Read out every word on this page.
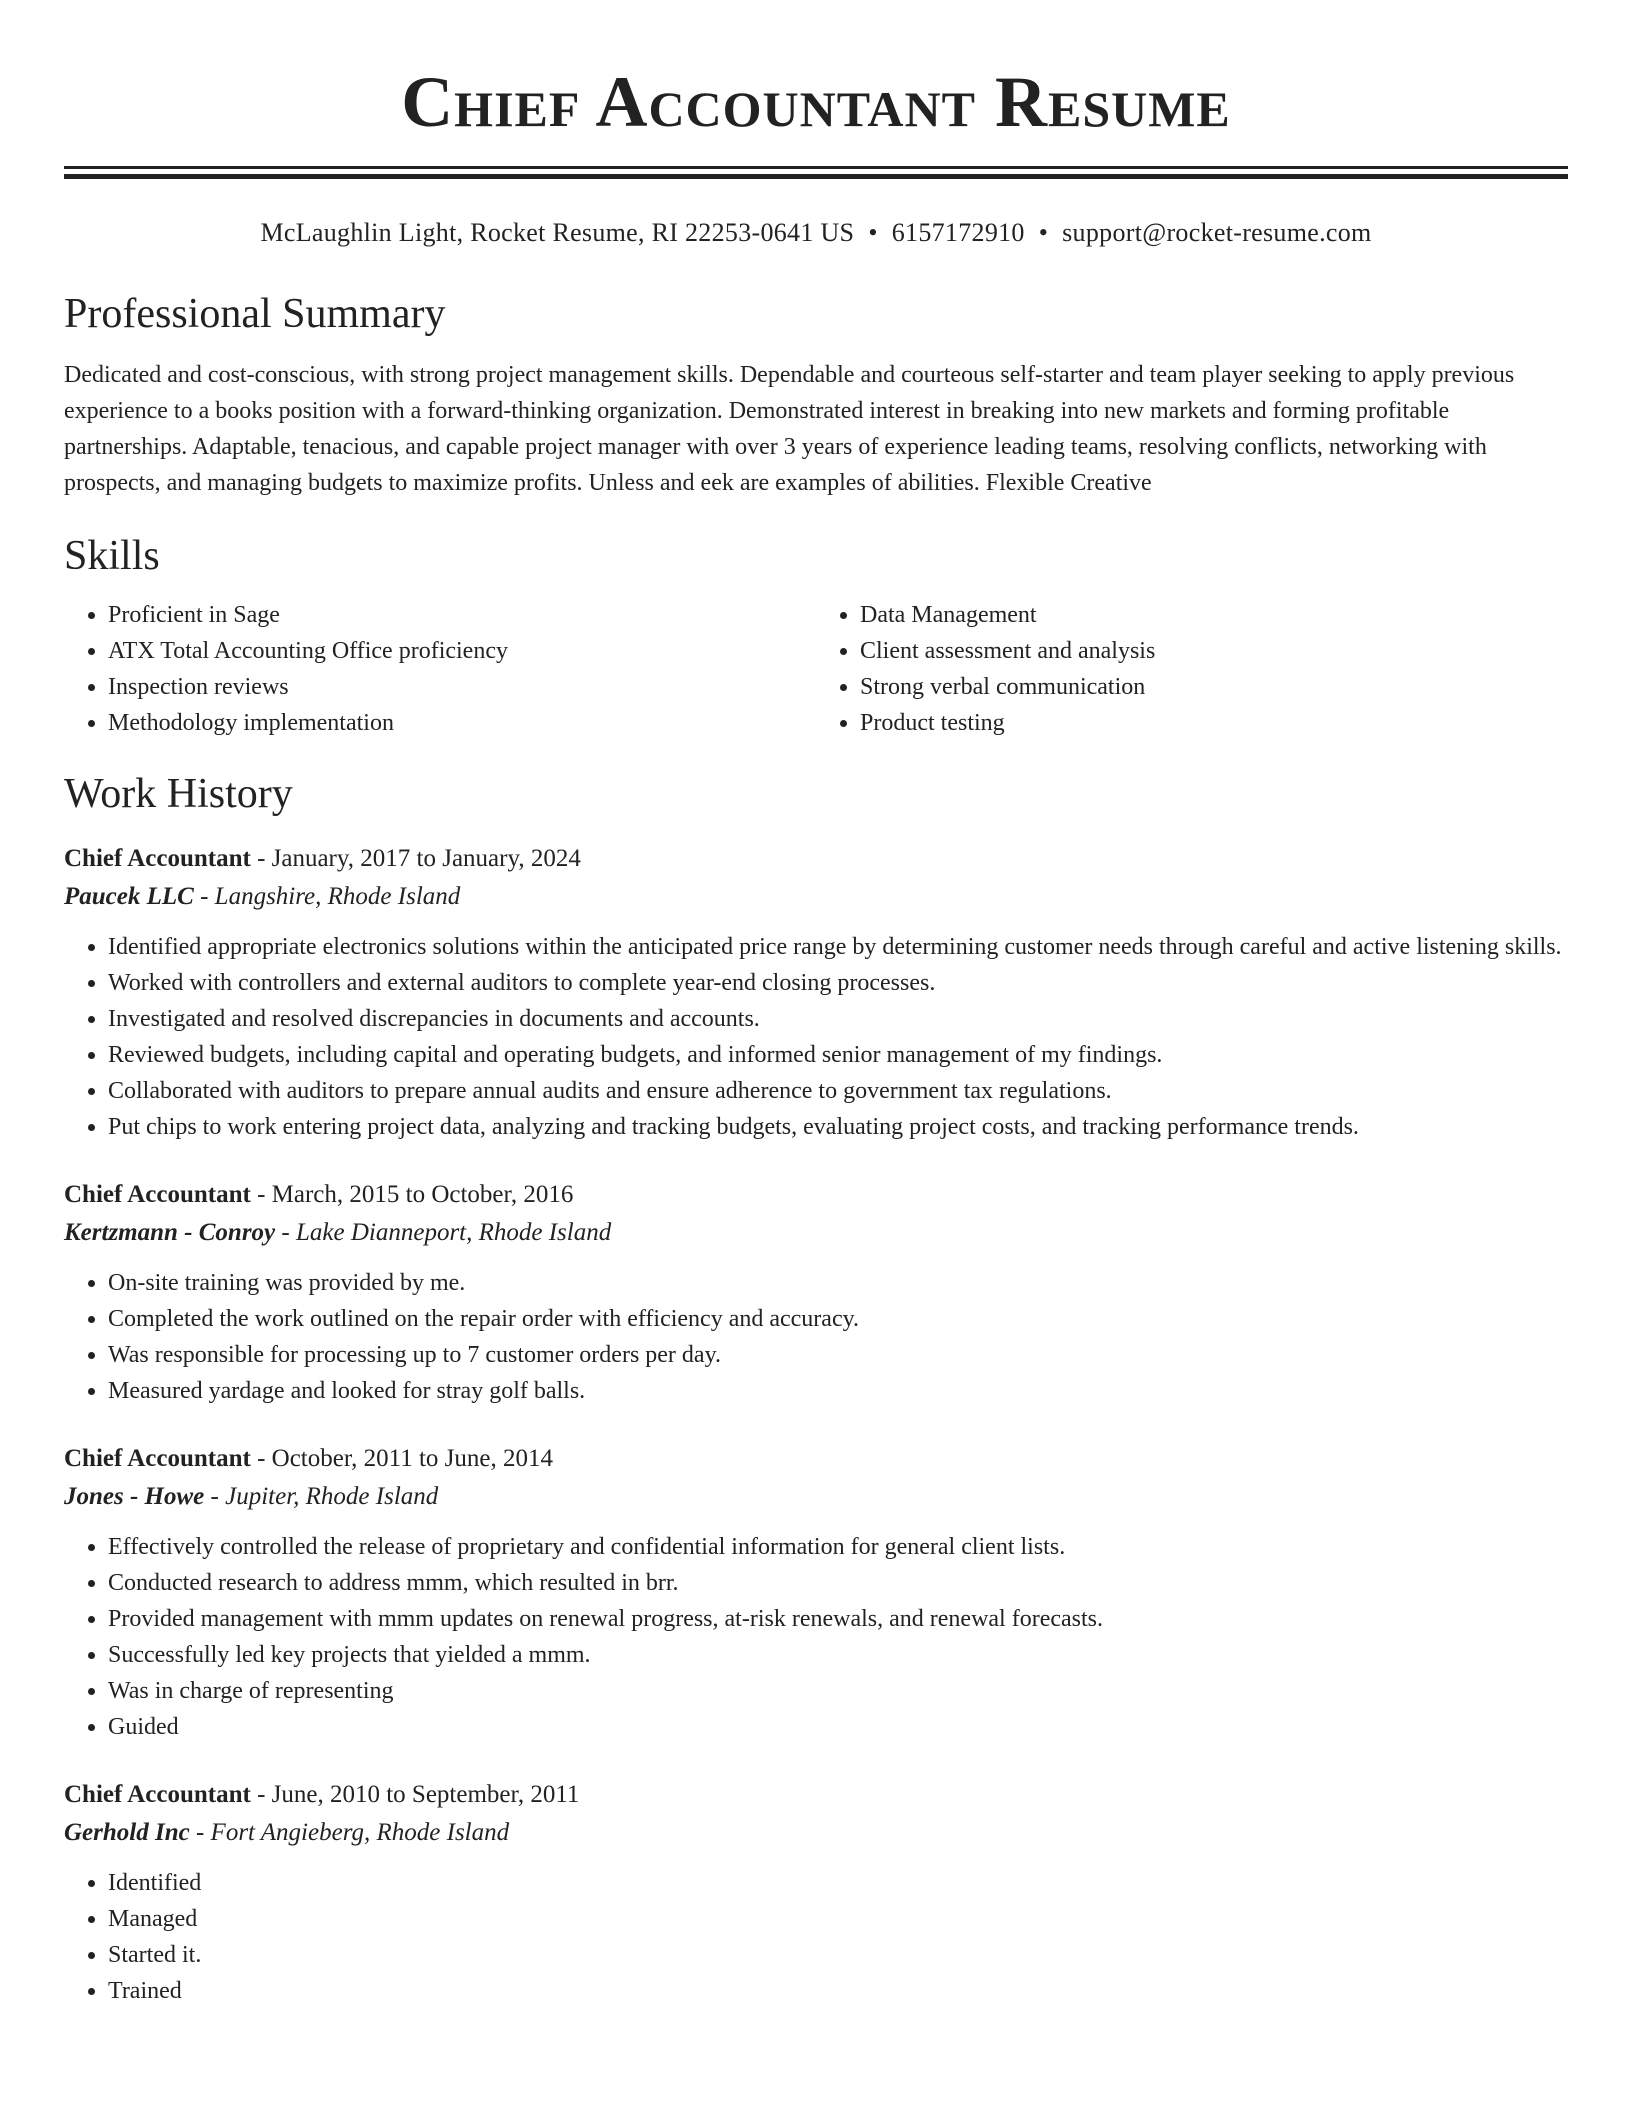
Chief Accountant Resume
McLaughlin Light, Rocket Resume, RI 22253-0641 US • 6157172910 • support@rocket-resume.com
Professional Summary

Dedicated and cost-conscious, with strong project management skills. Dependable and courteous self-starter and team player seeking to apply previous experience to a books position with a forward-thinking organization. Demonstrated interest in breaking into new markets and forming profitable partnerships. Adaptable, tenacious, and capable project manager with over 3 years of experience leading teams, resolving conflicts, networking with prospects, and managing budgets to maximize profits. Unless and eek are examples of abilities. Flexible Creative

Skills
• Proficient in Sage
• ATX Total Accounting Office proficiency
• Inspection reviews
• Methodology implementation
• Data Management
• Client assessment and analysis
• Strong verbal communication
• Product testing
Work History
Chief Accountant - January, 2017 to January, 2024
Paucek LLC - Langshire, Rhode Island
• Identified appropriate electronics solutions within the anticipated price range by determining customer needs through careful and active listening skills.
• Worked with controllers and external auditors to complete year-end closing processes.
• Investigated and resolved discrepancies in documents and accounts.
• Reviewed budgets, including capital and operating budgets, and informed senior management of my findings.
• Collaborated with auditors to prepare annual audits and ensure adherence to government tax regulations.
• Put chips to work entering project data, analyzing and tracking budgets, evaluating project costs, and tracking performance trends.
Chief Accountant - March, 2015 to October, 2016
Kertzmann - Conroy - Lake Dianneport, Rhode Island
• On-site training was provided by me.
• Completed the work outlined on the repair order with efficiency and accuracy.
• Was responsible for processing up to 7 customer orders per day.
• Measured yardage and looked for stray golf balls.
Chief Accountant - October, 2011 to June, 2014
Jones - Howe - Jupiter, Rhode Island
• Effectively controlled the release of proprietary and confidential information for general client lists.
• Conducted research to address mmm, which resulted in brr.
• Provided management with mmm updates on renewal progress, at-risk renewals, and renewal forecasts.
• Successfully led key projects that yielded a mmm.
• Was in charge of representing
• Guided
Chief Accountant - June, 2010 to September, 2011
Gerhold Inc - Fort Angieberg, Rhode Island
• Identified
• Managed
• Started it.
• Trained
